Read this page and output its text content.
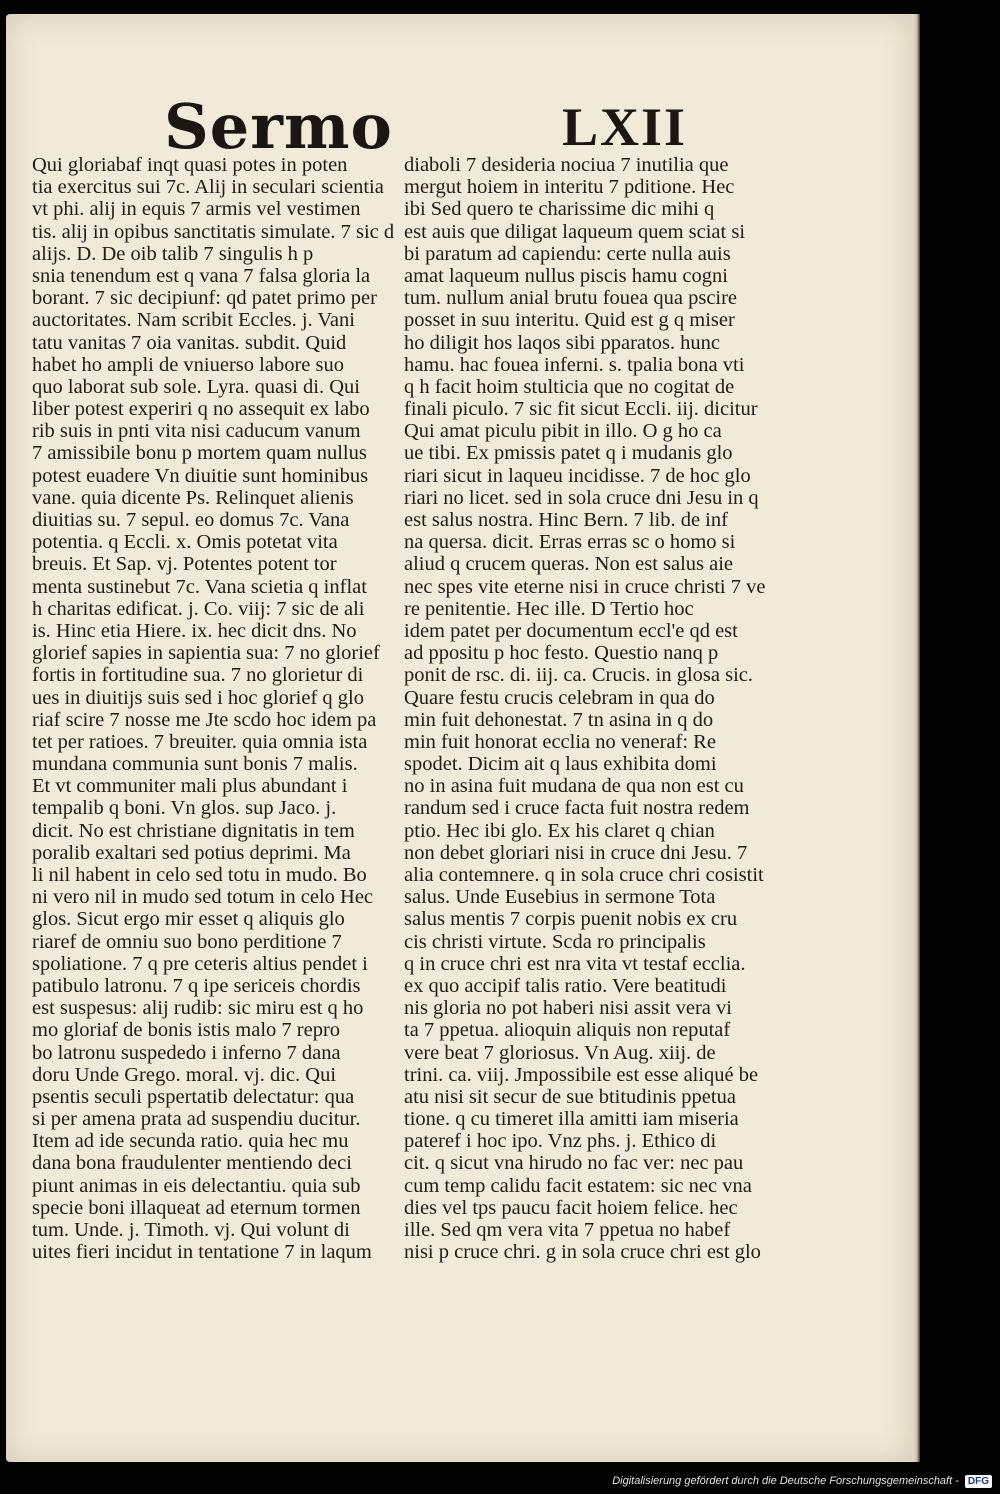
Sermo	LXII
Qui gloriabaf inqt quasi potes in poten
tia exercitus sui 7c. Alij in seculari scientia
vt phi. alij in equis 7 armis vel vestimen
tis. alij in opibus sanctitatis simulate. 7 sic d
alijs. D. De oib talib 7 singulis h p
snia tenendum est q vana 7 falsa gloria la
borant. 7 sic decipiunf: qd patet primo per
auctoritates. Nam scribit Eccles. j. Vani
tatu vanitas 7 oia vanitas. subdit. Quid
habet ho ampli de vniuerso labore suo
quo laborat sub sole. Lyra. quasi di. Qui
liber potest experiri q no assequit ex labo
rib suis in pnti vita nisi caducum vanum
7 amissibile bonu p mortem quam nullus
potest euadere Vn diuitie sunt hominibus
vane. quia dicente Ps. Relinquet alienis
diuitias su. 7 sepul. eo domus 7c. Vana
potentia. q Eccli. x. Omis potetat vita
breuis. Et Sap. vj. Potentes potent tor
menta sustinebut 7c. Vana scietia q inflat
h charitas edificat. j. Co. viij: 7 sic de ali
is. Hinc etia Hiere. ix. hec dicit dns. No
glorief sapies in sapientia sua: 7 no glorief
fortis in fortitudine sua. 7 no glorietur di
ues in diuitijs suis sed i hoc glorief q glo
riaf scire 7 nosse me Jte scdo hoc idem pa
tet per ratioes. 7 breuiter. quia omnia ista
mundana communia sunt bonis 7 malis.
Et vt communiter mali plus abundant i
tempalib q boni. Vn glos. sup Jaco. j.
dicit. No est christiane dignitatis in tem
poralib exaltari sed potius deprimi. Ma
li nil habent in celo sed totu in mudo. Bo
ni vero nil in mudo sed totum in celo Hec
glos. Sicut ergo mir esset q aliquis glo
riaref de omniu suo bono perditione 7
spoliatione. 7 q pre ceteris altius pendet i
patibulo latronu. 7 q ipe sericeis chordis
est suspesus: alij rudib: sic miru est q ho
mo gloriaf de bonis istis malo 7 repro
bo latronu suspededo i inferno 7 dana
doru Unde Grego. moral. vj. dic. Qui
psentis seculi pspertatib delectatur: qua
si per amena prata ad suspendiu ducitur.
Item ad ide secunda ratio. quia hec mu
dana bona fraudulenter mentiendo deci
piunt animas in eis delectantiu. quia sub
specie boni illaqueat ad eternum tormen
tum. Unde. j. Timoth. vj. Qui volunt di
uites fieri incidut in tentatione 7 in laqum
diaboli 7 desideria nociua 7 inutilia que
mergut hoiem in interitu 7 pditione. Hec
ibi Sed quero te charissime dic mihi q
est auis que diligat laqueum quem sciat si
bi paratum ad capiendu: certe nulla auis
amat laqueum nullus piscis hamu cogni
tum. nullum anial brutu fouea qua pscire
posset in suu interitu. Quid est g q miser
ho diligit hos laqos sibi pparatos. hunc
hamu. hac fouea inferni. s. tpalia bona vti
q h facit hoim stulticia que no cogitat de
finali piculo. 7 sic fit sicut Eccli. iij. dicitur
Qui amat piculu pibit in illo. O g ho ca
ue tibi. Ex pmissis patet q i mudanis glo
riari sicut in laqueu incidisse. 7 de hoc glo
riari no licet. sed in sola cruce dni Jesu in q
est salus nostra. Hinc Bern. 7 lib. de inf
na quersa. dicit. Erras erras sc o homo si
aliud q crucem queras. Non est salus aie
nec spes vite eterne nisi in cruce christi 7 ve
re penitentie. Hec ille. D Tertio hoc
idem patet per documentum eccl'e qd est
ad ppositu p hoc festo. Questio nanq p
ponit de rsc. di. iij. ca. Crucis. in glosa sic.
Quare festu crucis celebram in qua do
min fuit dehonestat. 7 tn asina in q do
min fuit honorat ecclia no veneraf: Re
spodet. Dicim ait q laus exhibita domi
no in asina fuit mudana de qua non est cu
randum sed i cruce facta fuit nostra redem
ptio. Hec ibi glo. Ex his claret q chian
non debet gloriari nisi in cruce dni Jesu. 7
alia contemnere. q in sola cruce chri cosistit
salus. Unde Eusebius in sermone Tota
salus mentis 7 corpis puenit nobis ex cru
cis christi virtute. Scda ro principalis
q in cruce chri est nra vita vt testaf ecclia.
ex quo accipif talis ratio. Vere beatitudi
nis gloria no pot haberi nisi assit vera vi
ta 7 ppetua. alioquin aliquis non reputaf
vere beat 7 gloriosus. Vn Aug. xiij. de
trini. ca. viij. Jmpossibile est esse aliqué be
atu nisi sit secur de sue btitudinis ppetua
tione. q cu timeret illa amitti iam miseria
pateref i hoc ipo. Vnz phs. j. Ethico di
cit. q sicut vna hirudo no fac ver: nec pau
cum temp calidu facit estatem: sic nec vna
dies vel tps paucu facit hoiem felice. hec
ille. Sed qm vera vita 7 ppetua no habef
nisi p cruce chri. g in sola cruce chri est glo
Digitalisierung gefördert durch die Deutsche Forschungsgemeinschaft - DFG
